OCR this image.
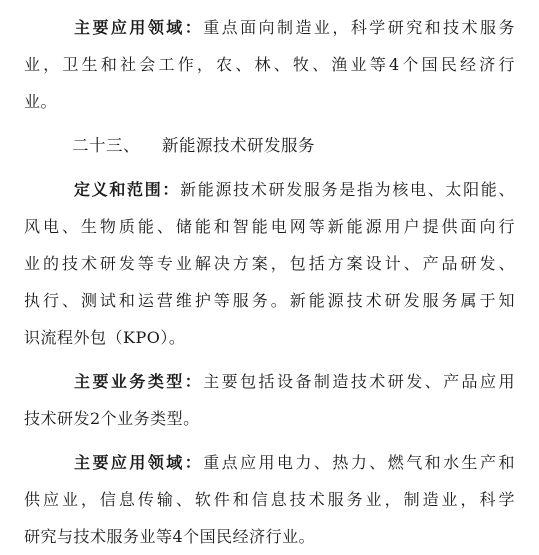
主要应用领域：重点面向制造业，科学研究和技术服务
业，卫生和社会工作，农、林、牧、渔业等4个国民经济行
业。
二十三、 新能源技术研发服务
定义和范围：新能源技术研发服务是指为核电、太阳能、
风电、生物质能、储能和智能电网等新能源用户提供面向行
业的技术研发等专业解决方案，包括方案设计、产品研发、
执行、测试和运营维护等服务。新能源技术研发服务属于知
识流程外包（KPO）。
主要业务类型：主要包括设备制造技术研发、产品应用
技术研发2个业务类型。
主要应用领域：重点应用电力、热力、燃气和水生产和
供应业，信息传输、软件和信息技术服务业，制造业，科学
研究与技术服务业等4个国民经济行业。
